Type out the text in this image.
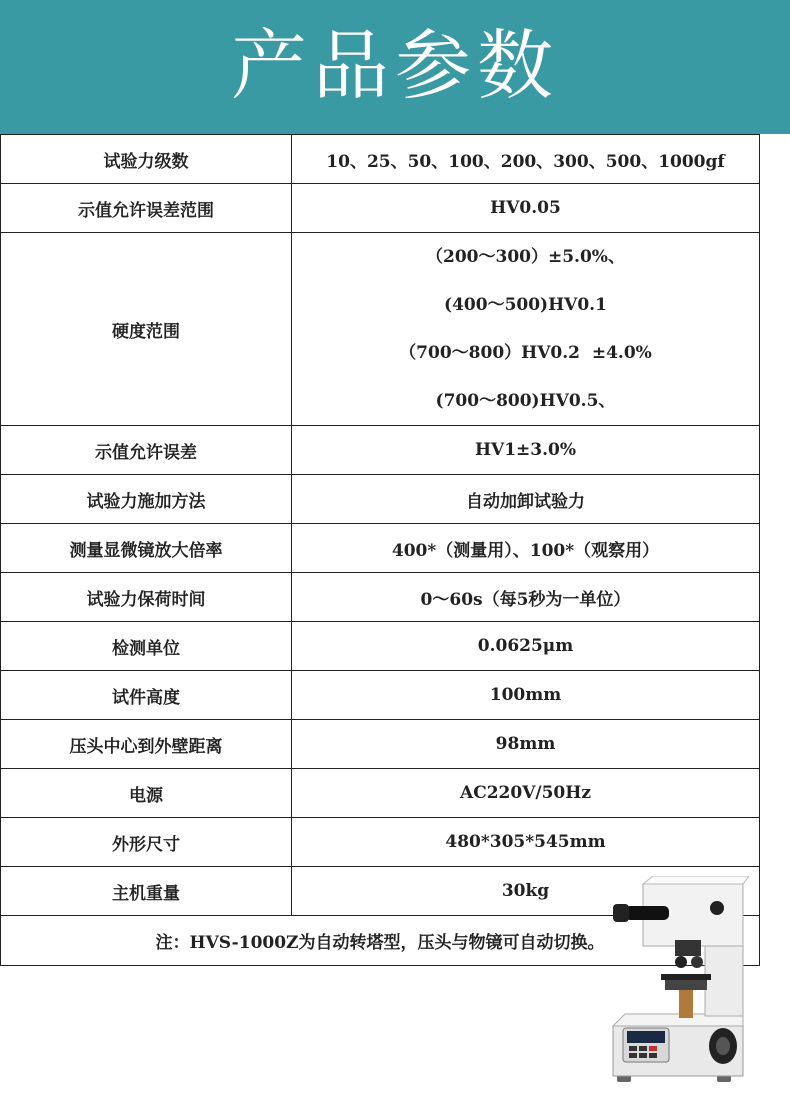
产品参数
试验力级数	10、25、50、100、200、300、500、1000gf
示值允许误差范围	HV0.05
硬度范围	（200～300）±5.0%、
(400～500)HV0.1
（700～800）HV0.2  ±4.0%
(700～800)HV0.5、

示值允许误差	HV1±3.0%
试验力施加方法	自动加卸试验力
测量显微镜放大倍率	400*（测量用）、100*（观察用）
试验力保荷时间	0～60s（每5秒为一单位）
检测单位	0.0625μm
试件高度	100mm
压头中心到外壁距离	98mm
电源	AC220V/50Hz
外形尺寸	480*305*545mm
主机重量	30kg
注：HVS-1000Z为自动转塔型，压头与物镜可自动切换。	
